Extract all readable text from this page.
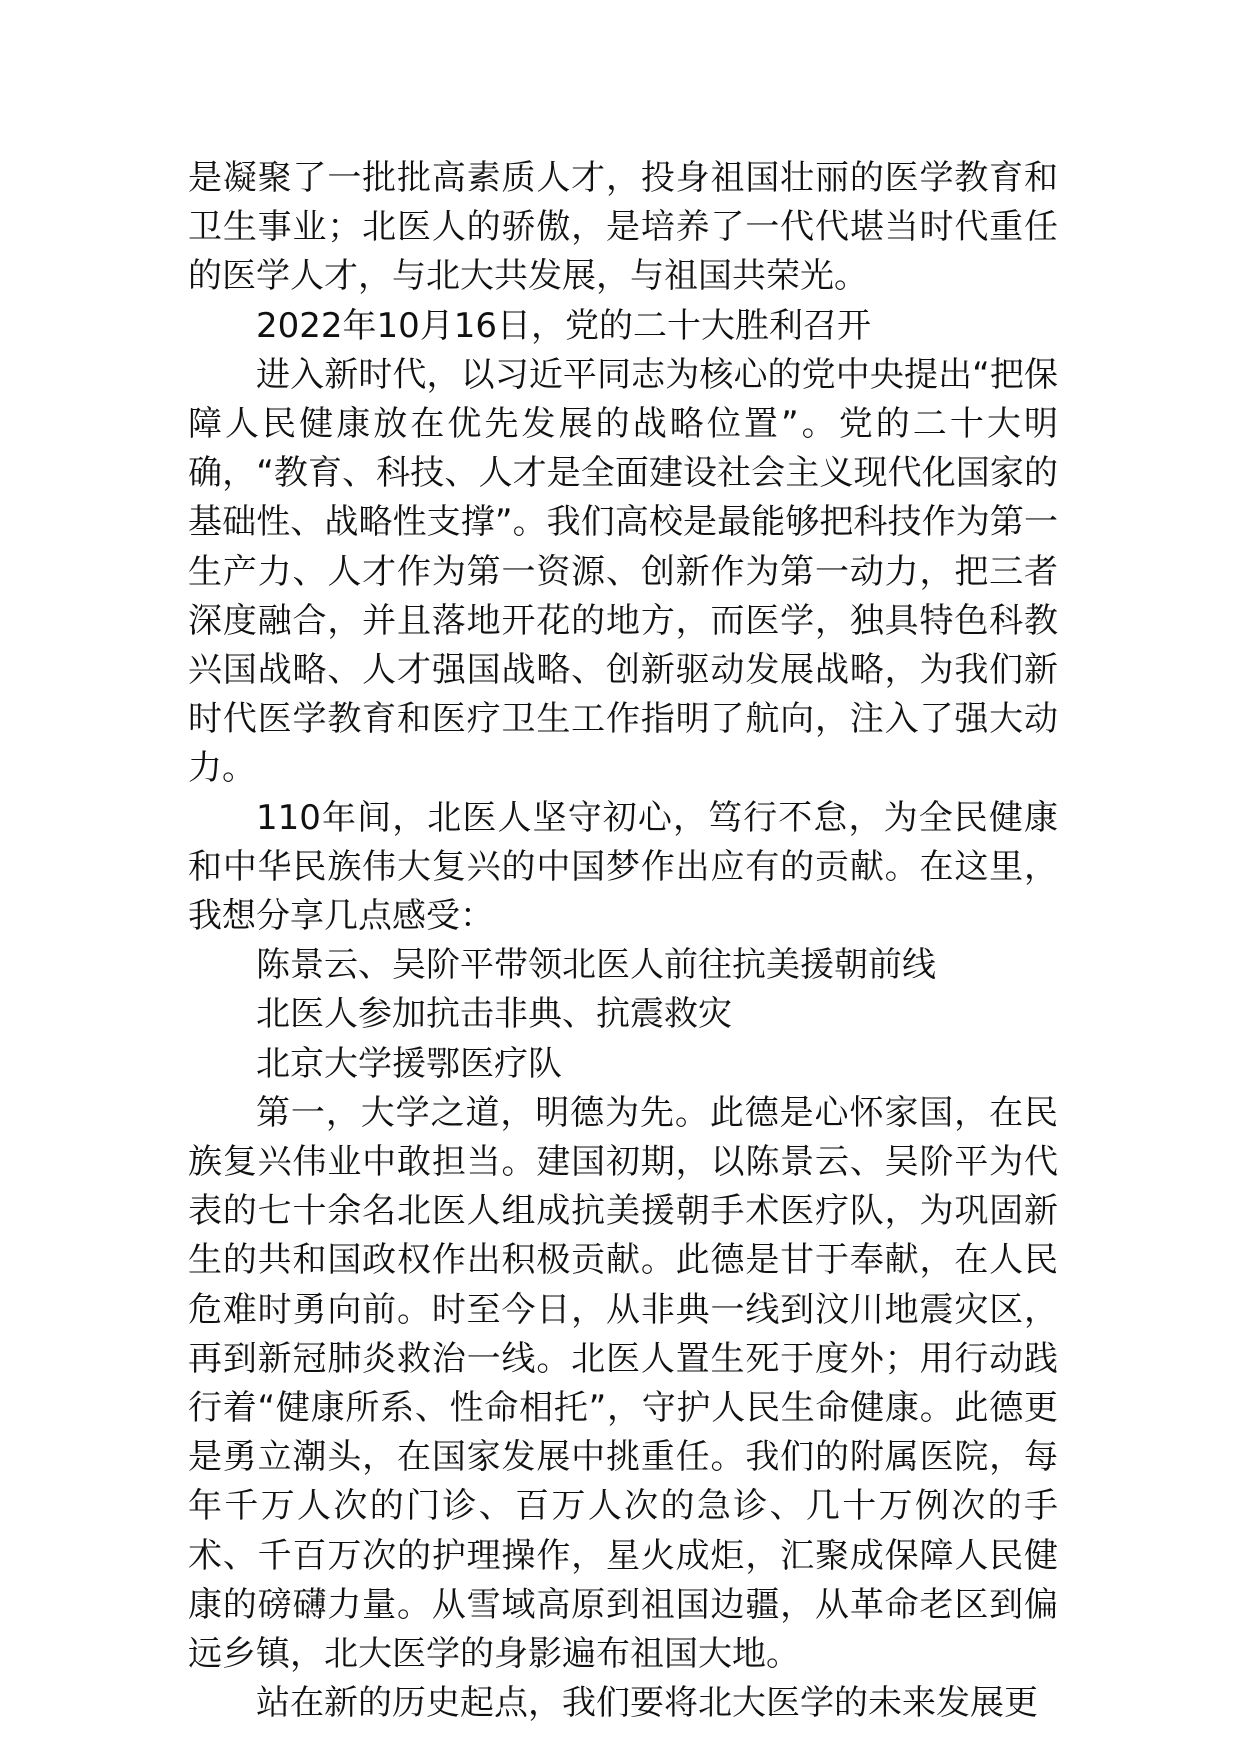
是凝聚了一批批高素质人才，投身祖国壮丽的医学教育和卫生事业；北医人的骄傲，是培养了一代代堪当时代重任的医学人才，与北大共发展，与祖国共荣光。

2022年10月16日，党的二十大胜利召开

进入新时代，以习近平同志为核心的党中央提出“把保障人民健康放在优先发展的战略位置”。党的二十大明确，“教育、科技、人才是全面建设社会主义现代化国家的基础性、战略性支撑”。我们高校是最能够把科技作为第一生产力、人才作为第一资源、创新作为第一动力，把三者深度融合，并且落地开花的地方，而医学，独具特色科教兴国战略、人才强国战略、创新驱动发展战略，为我们新时代医学教育和医疗卫生工作指明了航向，注入了强大动力。

110年间，北医人坚守初心，笃行不怠，为全民健康和中华民族伟大复兴的中国梦作出应有的贡献。在这里，我想分享几点感受：

陈景云、吴阶平带领北医人前往抗美援朝前线

北医人参加抗击非典、抗震救灾

北京大学援鄂医疗队

第一，大学之道，明德为先。此德是心怀家国，在民族复兴伟业中敢担当。建国初期，以陈景云、吴阶平为代表的七十余名北医人组成抗美援朝手术医疗队，为巩固新生的共和国政权作出积极贡献。此德是甘于奉献，在人民危难时勇向前。时至今日，从非典一线到汶川地震灾区，再到新冠肺炎救治一线。北医人置生死于度外；用行动践行着“健康所系、性命相托”，守护人民生命健康。此德更是勇立潮头，在国家发展中挑重任。我们的附属医院，每年千万人次的门诊、百万人次的急诊、几十万例次的手术、千百万次的护理操作，星火成炬，汇聚成保障人民健康的磅礴力量。从雪域高原到祖国边疆，从革命老区到偏远乡镇，北大医学的身影遍布祖国大地。

站在新的历史起点，我们要将北大医学的未来发展更
